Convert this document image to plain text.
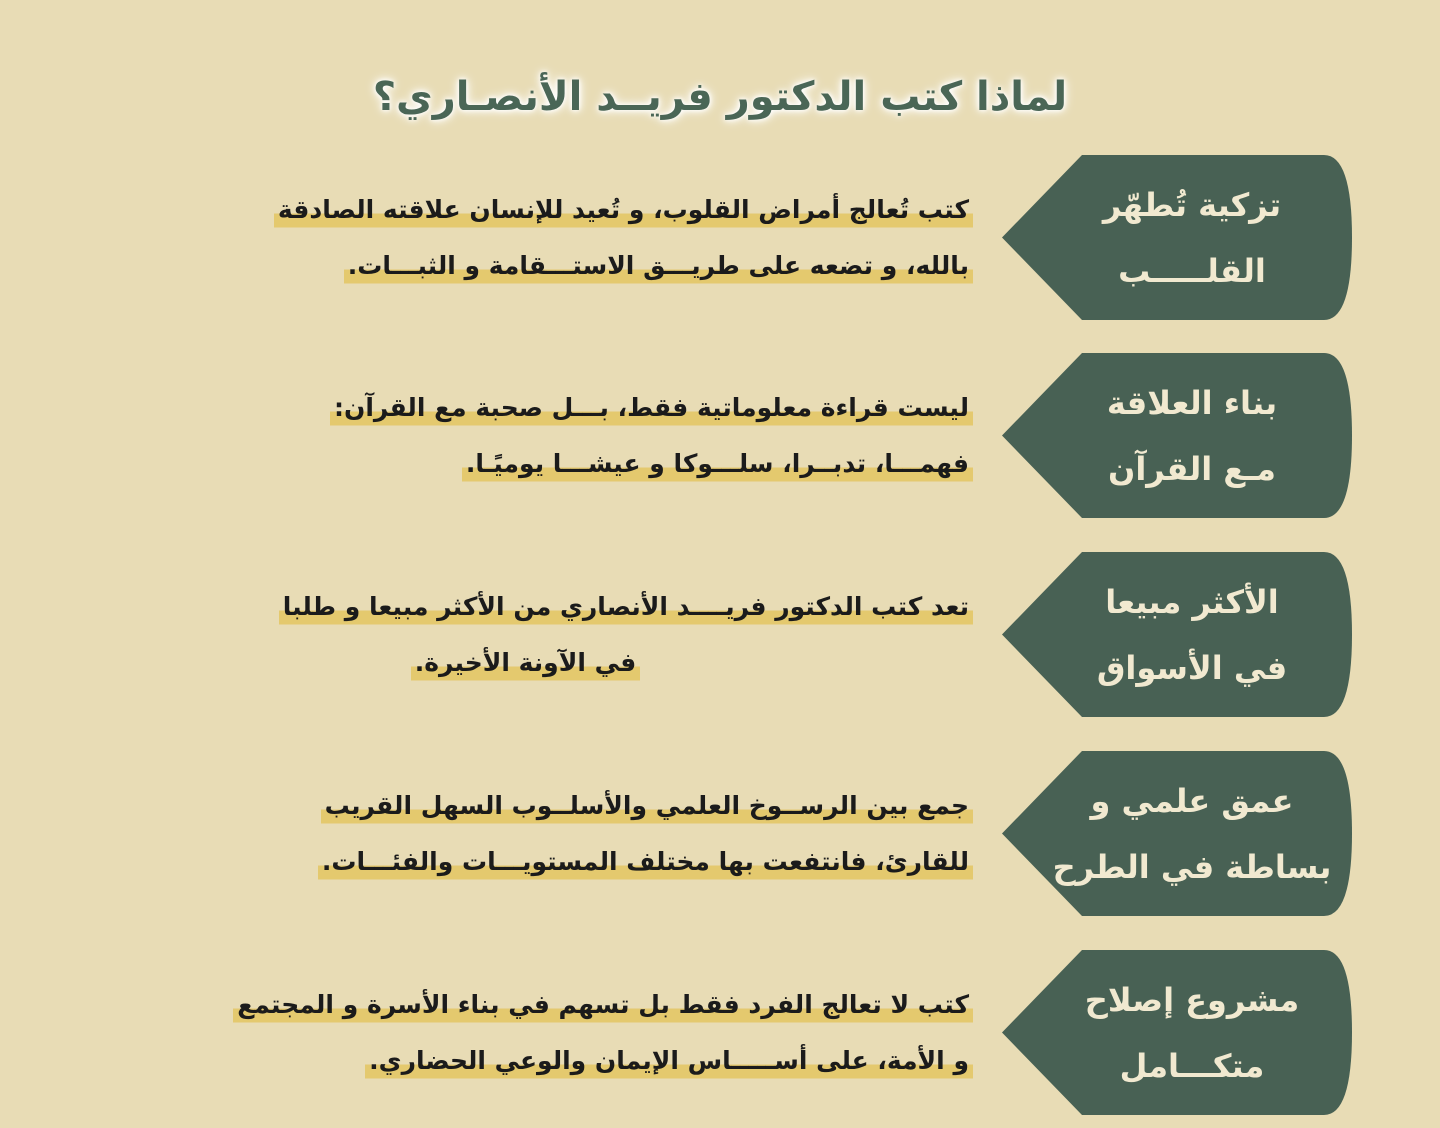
لماذا كتب الدكتور فريــد الأنصـاري؟
تزكية تُطهّر
القلـــــب
كتب تُعالج أمراض القلوب، و تُعيد للإنسان علاقته الصادقة
بالله، و تضعه على طريـــق الاستـــقامة و الثبـــات.
بناء العلاقة
مـع القرآن
ليست قراءة معلوماتية فقط، بـــل صحبة مع القرآن:
فهمـــا، تدبــرا، سلـــوكا و عيشـــا يوميًـا.
الأكثر مبيعا
في الأسواق
تعد كتب الدكتور فريــــد الأنصاري من الأكثر مبيعا و طلبا
في الآونة الأخيرة.
عمق علمي و
بساطة في الطرح
جمع بين الرســوخ العلمي والأسلــوب السهل القريب
للقارئ، فانتفعت بها مختلف المستويـــات والفئـــات.
مشروع إصلاح
متكـــامل
كتب لا تعالج الفرد فقط بل تسهم في بناء الأسرة و المجتمع
و الأمة، على أســـــاس الإيمان والوعي الحضاري.
